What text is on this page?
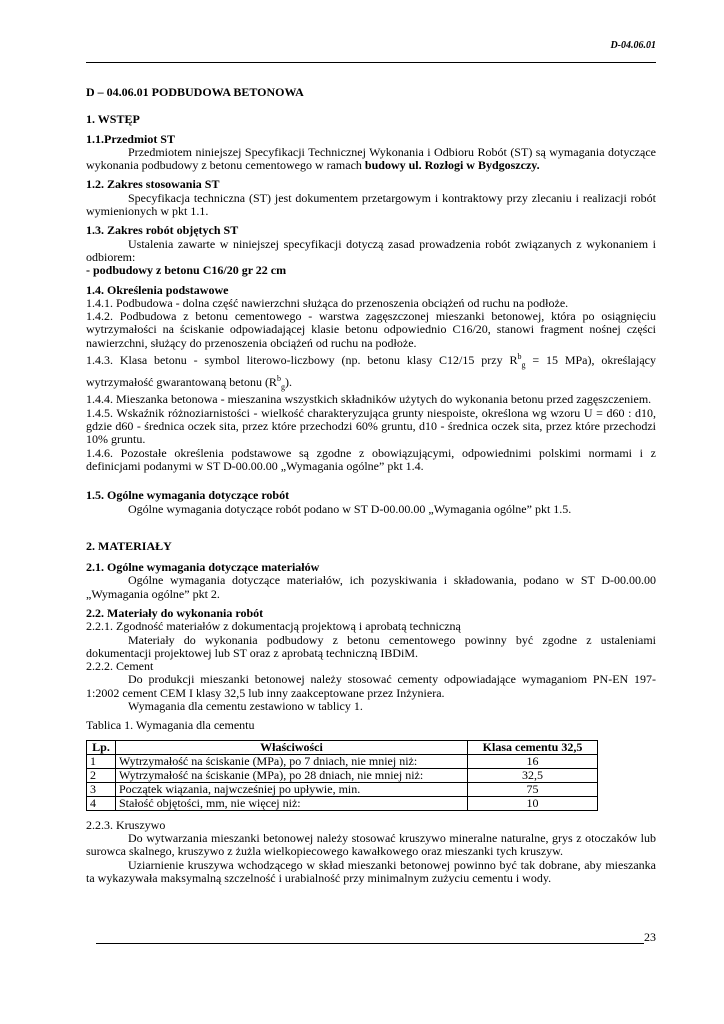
D-04.06.01
D – 04.06.01 PODBUDOWA BETONOWA
1. WSTĘP
1.1.Przedmiot ST

Przedmiotem niniejszej Specyfikacji Technicznej Wykonania i Odbioru Robót (ST) są wymagania dotyczące wykonania podbudowy z betonu cementowego w ramach budowy ul. Rozłogi w Bydgoszczy.

1.2. Zakres stosowania ST

Specyfikacja techniczna (ST) jest dokumentem przetargowym i kontraktowy przy zlecaniu i realizacji robót wymienionych w pkt 1.1.

1.3. Zakres robót objętych ST

Ustalenia zawarte w niniejszej specyfikacji dotyczą zasad prowadzenia robót związanych z wykonaniem i odbiorem:

- podbudowy z betonu C16/20 gr 22 cm

1.4. Określenia podstawowe

1.4.1. Podbudowa - dolna część nawierzchni służąca do przenoszenia obciążeń od ruchu na podłoże.

1.4.2. Podbudowa z betonu cementowego - warstwa zagęszczonej mieszanki betonowej, która po osiągnięciu wytrzymałości na ściskanie odpowiadającej klasie betonu odpowiednio C16/20, stanowi fragment nośnej części nawierzchni, służący do przenoszenia obciążeń od ruchu na podłoże.

1.4.3. Klasa betonu - symbol literowo-liczbowy (np. betonu klasy C12/15 przy $R^b_g = 15$ MPa), określający wytrzymałość gwarantowaną betonu $(R^b_g)$.

1.4.4. Mieszanka betonowa - mieszanina wszystkich składników użytych do wykonania betonu przed zagęszczeniem.

1.4.5. Wskaźnik różnoziarnistości - wielkość charakteryzująca grunty niespoiste, określona wg wzoru U = d60 : d10, gdzie d60 - średnica oczek sita, przez które przechodzi 60% gruntu, d10 - średnica oczek sita, przez które przechodzi 10% gruntu.

1.4.6. Pozostałe określenia podstawowe są zgodne z obowiązującymi, odpowiednimi polskimi normami i z definicjami podanymi w ST D-00.00.00 „Wymagania ogólne” pkt 1.4.

1.5. Ogólne wymagania dotyczące robót

Ogólne wymagania dotyczące robót podano w ST D-00.00.00 „Wymagania ogólne” pkt 1.5.

2. MATERIAŁY
2.1. Ogólne wymagania dotyczące materiałów

Ogólne wymagania dotyczące materiałów, ich pozyskiwania i składowania, podano w ST D-00.00.00 „Wymagania ogólne” pkt 2.

2.2. Materiały do wykonania robót

2.2.1. Zgodność materiałów z dokumentacją projektową i aprobatą techniczną

Materiały do wykonania podbudowy z betonu cementowego powinny być zgodne z ustaleniami dokumentacji projektowej lub ST oraz z aprobatą techniczną IBDiM.

2.2.2. Cement

Do produkcji mieszanki betonowej należy stosować cementy odpowiadające wymaganiom PN-EN 197-1:2002 cement CEM I klasy 32,5 lub inny zaakceptowane przez Inżyniera.

Wymagania dla cementu zestawiono w tablicy 1.

Tablica 1. Wymagania dla cementu

Lp.	Właściwości	Klasa cementu 32,5
1	Wytrzymałość na ściskanie (MPa), po 7 dniach, nie mniej niż:	16
2	Wytrzymałość na ściskanie (MPa), po 28 dniach, nie mniej niż:	32,5
3	Początek wiązania, najwcześniej po upływie, min.	75
4	Stałość objętości, mm, nie więcej niż:	10

2.2.3. Kruszywo

Do wytwarzania mieszanki betonowej należy stosować kruszywo mineralne naturalne, grys z otoczaków lub surowca skalnego, kruszywo z żużla wielkopiecowego kawałkowego oraz mieszanki tych kruszyw.

Uziarnienie kruszywa wchodzącego w skład mieszanki betonowej powinno być tak dobrane, aby mieszanka ta wykazywała maksymalną szczelność i urabialność przy minimalnym zużyciu cementu i wody.

23
